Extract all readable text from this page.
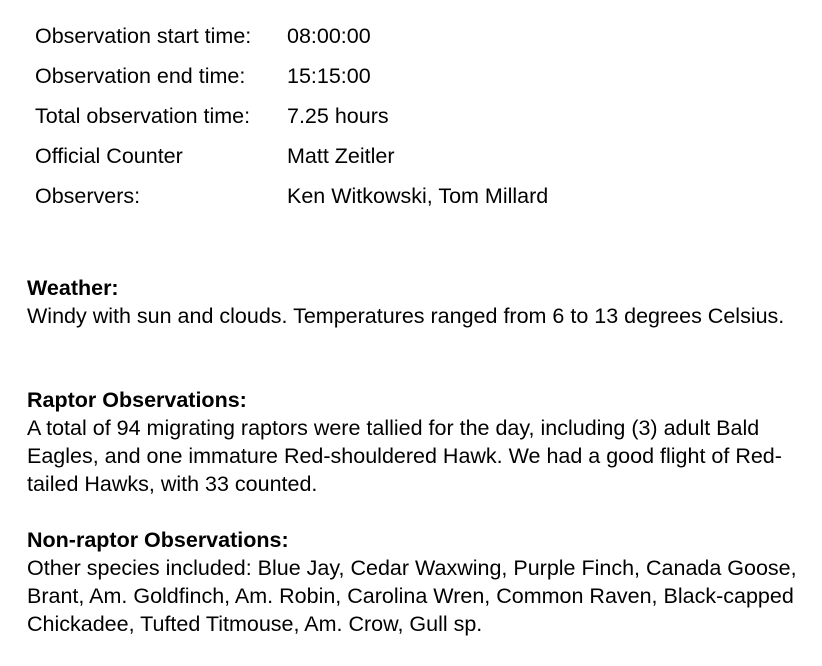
Observation start time:	08:00:00
Observation end time:	15:15:00
Total observation time:	7.25 hours
Official Counter	Matt Zeitler
Observers:	Ken Witkowski, Tom Millard
Weather:

Windy with sun and clouds. Temperatures ranged from 6 to 13 degrees Celsius.

Raptor Observations:

A total of 94 migrating raptors were tallied for the day, including (3) adult Bald Eagles, and one immature Red-shouldered Hawk. We had a good flight of Red-tailed Hawks, with 33 counted.

Non-raptor Observations:

Other species included: Blue Jay, Cedar Waxwing, Purple Finch, Canada Goose, Brant, Am. Goldfinch, Am. Robin, Carolina Wren, Common Raven, Black-capped Chickadee, Tufted Titmouse, Am. Crow, Gull sp.
